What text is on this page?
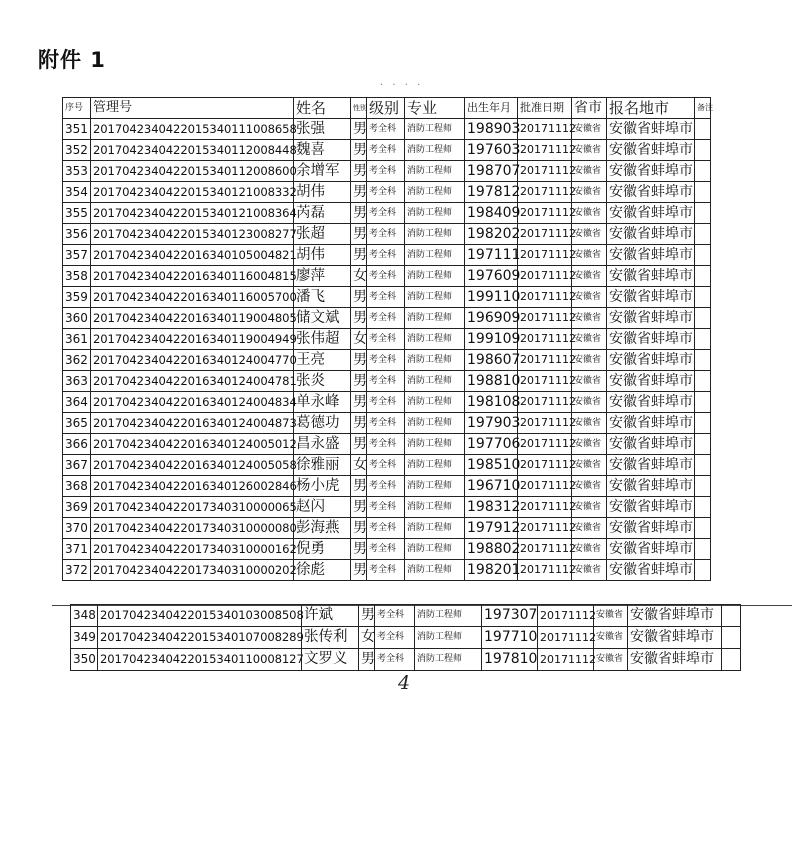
附件 1
· · · ·
序号	管理号	姓名	性别	级别	专业	出生年月	批准日期	省市	报名地市	备注
351	2017042340422015340111008658	张强	男	考全科	消防工程师	198903	20171112	安徽省	安徽省蚌埠市	
352	2017042340422015340112008448	魏喜	男	考全科	消防工程师	197603	20171112	安徽省	安徽省蚌埠市	
353	2017042340422015340112008600	余增军	男	考全科	消防工程师	198707	20171112	安徽省	安徽省蚌埠市	
354	2017042340422015340121008332	胡伟	男	考全科	消防工程师	197812	20171112	安徽省	安徽省蚌埠市	
355	2017042340422015340121008364	芮磊	男	考全科	消防工程师	198409	20171112	安徽省	安徽省蚌埠市	
356	2017042340422015340123008277	张超	男	考全科	消防工程师	198202	20171112	安徽省	安徽省蚌埠市	
357	2017042340422016340105004821	胡伟	男	考全科	消防工程师	197111	20171112	安徽省	安徽省蚌埠市	
358	2017042340422016340116004815	廖萍	女	考全科	消防工程师	197609	20171112	安徽省	安徽省蚌埠市	
359	2017042340422016340116005700	潘飞	男	考全科	消防工程师	199110	20171112	安徽省	安徽省蚌埠市	
360	2017042340422016340119004805	储文斌	男	考全科	消防工程师	196909	20171112	安徽省	安徽省蚌埠市	
361	2017042340422016340119004949	张伟超	女	考全科	消防工程师	199109	20171112	安徽省	安徽省蚌埠市	
362	2017042340422016340124004770	王亮	男	考全科	消防工程师	198607	20171112	安徽省	安徽省蚌埠市	
363	2017042340422016340124004781	张炎	男	考全科	消防工程师	198810	20171112	安徽省	安徽省蚌埠市	
364	2017042340422016340124004834	单永峰	男	考全科	消防工程师	198108	20171112	安徽省	安徽省蚌埠市	
365	2017042340422016340124004873	葛德功	男	考全科	消防工程师	197903	20171112	安徽省	安徽省蚌埠市	
366	2017042340422016340124005012	昌永盛	男	考全科	消防工程师	197706	20171112	安徽省	安徽省蚌埠市	
367	2017042340422016340124005058	徐雅丽	女	考全科	消防工程师	198510	20171112	安徽省	安徽省蚌埠市	
368	2017042340422016340126002846	杨小虎	男	考全科	消防工程师	196710	20171112	安徽省	安徽省蚌埠市	
369	2017042340422017340310000065	赵闪	男	考全科	消防工程师	198312	20171112	安徽省	安徽省蚌埠市	
370	2017042340422017340310000080	彭海燕	男	考全科	消防工程师	197912	20171112	安徽省	安徽省蚌埠市	
371	2017042340422017340310000162	倪勇	男	考全科	消防工程师	198802	20171112	安徽省	安徽省蚌埠市	
372	2017042340422017340310000202	徐彪	男	考全科	消防工程师	198201	20171112	安徽省	安徽省蚌埠市	
348	2017042340422015340103008508	许斌	男	考全科	消防工程师	197307	20171112	安徽省	安徽省蚌埠市	
349	2017042340422015340107008289	张传利	女	考全科	消防工程师	197710	20171112	安徽省	安徽省蚌埠市	
350	2017042340422015340110008127	文罗义	男	考全科	消防工程师	197810	20171112	安徽省	安徽省蚌埠市	
4
